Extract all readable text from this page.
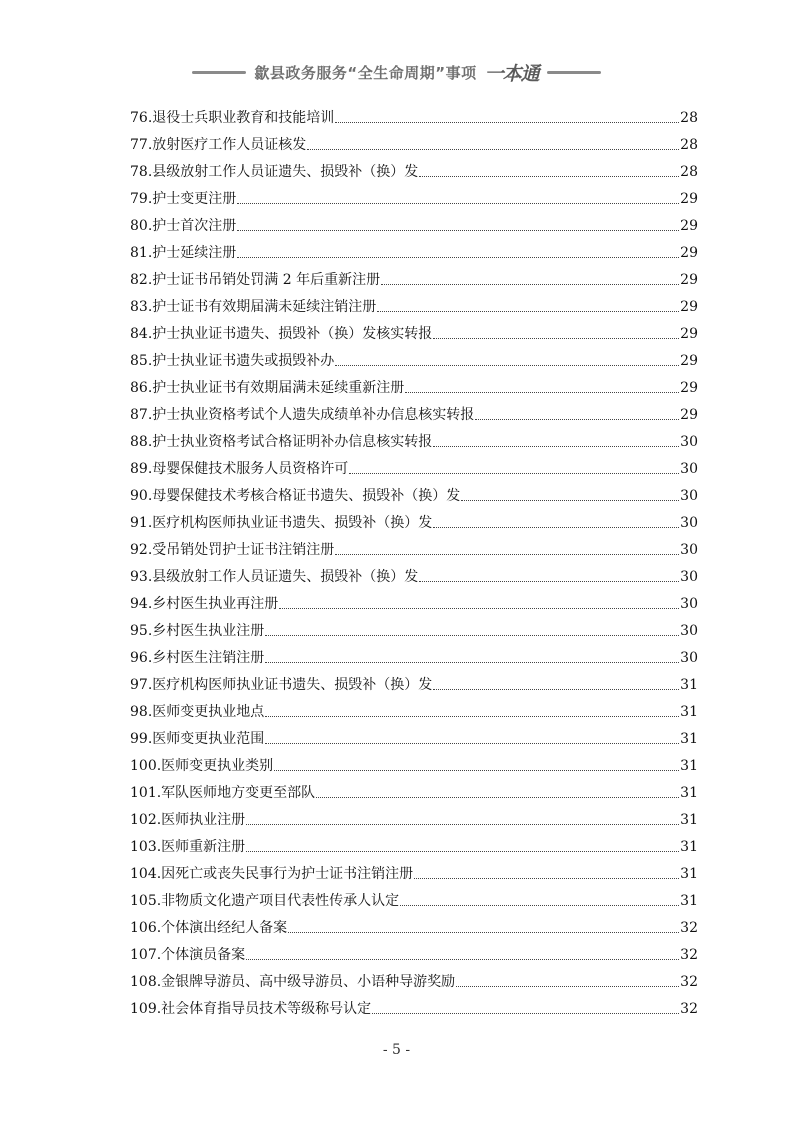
歙县政务服务“全生命周期”事项 一本通
76.退役士兵职业教育和技能培训	28
77.放射医疗工作人员证核发	28
78.县级放射工作人员证遗失、损毁补（换）发	28
79.护士变更注册	29
80.护士首次注册	29
81.护士延续注册	29
82.护士证书吊销处罚满 2 年后重新注册	29
83.护士证书有效期届满未延续注销注册	29
84.护士执业证书遗失、损毁补（换）发核实转报	29
85.护士执业证书遗失或损毁补办	29
86.护士执业证书有效期届满未延续重新注册	29
87.护士执业资格考试个人遗失成绩单补办信息核实转报	29
88.护士执业资格考试合格证明补办信息核实转报	30
89.母婴保健技术服务人员资格许可	30
90.母婴保健技术考核合格证书遗失、损毁补（换）发	30
91.医疗机构医师执业证书遗失、损毁补（换）发	30
92.受吊销处罚护士证书注销注册	30
93.县级放射工作人员证遗失、损毁补（换）发	30
94.乡村医生执业再注册	30
95.乡村医生执业注册	30
96.乡村医生注销注册	30
97.医疗机构医师执业证书遗失、损毁补（换）发	31
98.医师变更执业地点	31
99.医师变更执业范围	31
100.医师变更执业类别	31
101.军队医师地方变更至部队	31
102.医师执业注册	31
103.医师重新注册	31
104.因死亡或丧失民事行为护士证书注销注册	31
105.非物质文化遗产项目代表性传承人认定	31
106.个体演出经纪人备案	32
107.个体演员备案	32
108.金银牌导游员、高中级导游员、小语种导游奖励	32
109.社会体育指导员技术等级称号认定	32
- 5 -
